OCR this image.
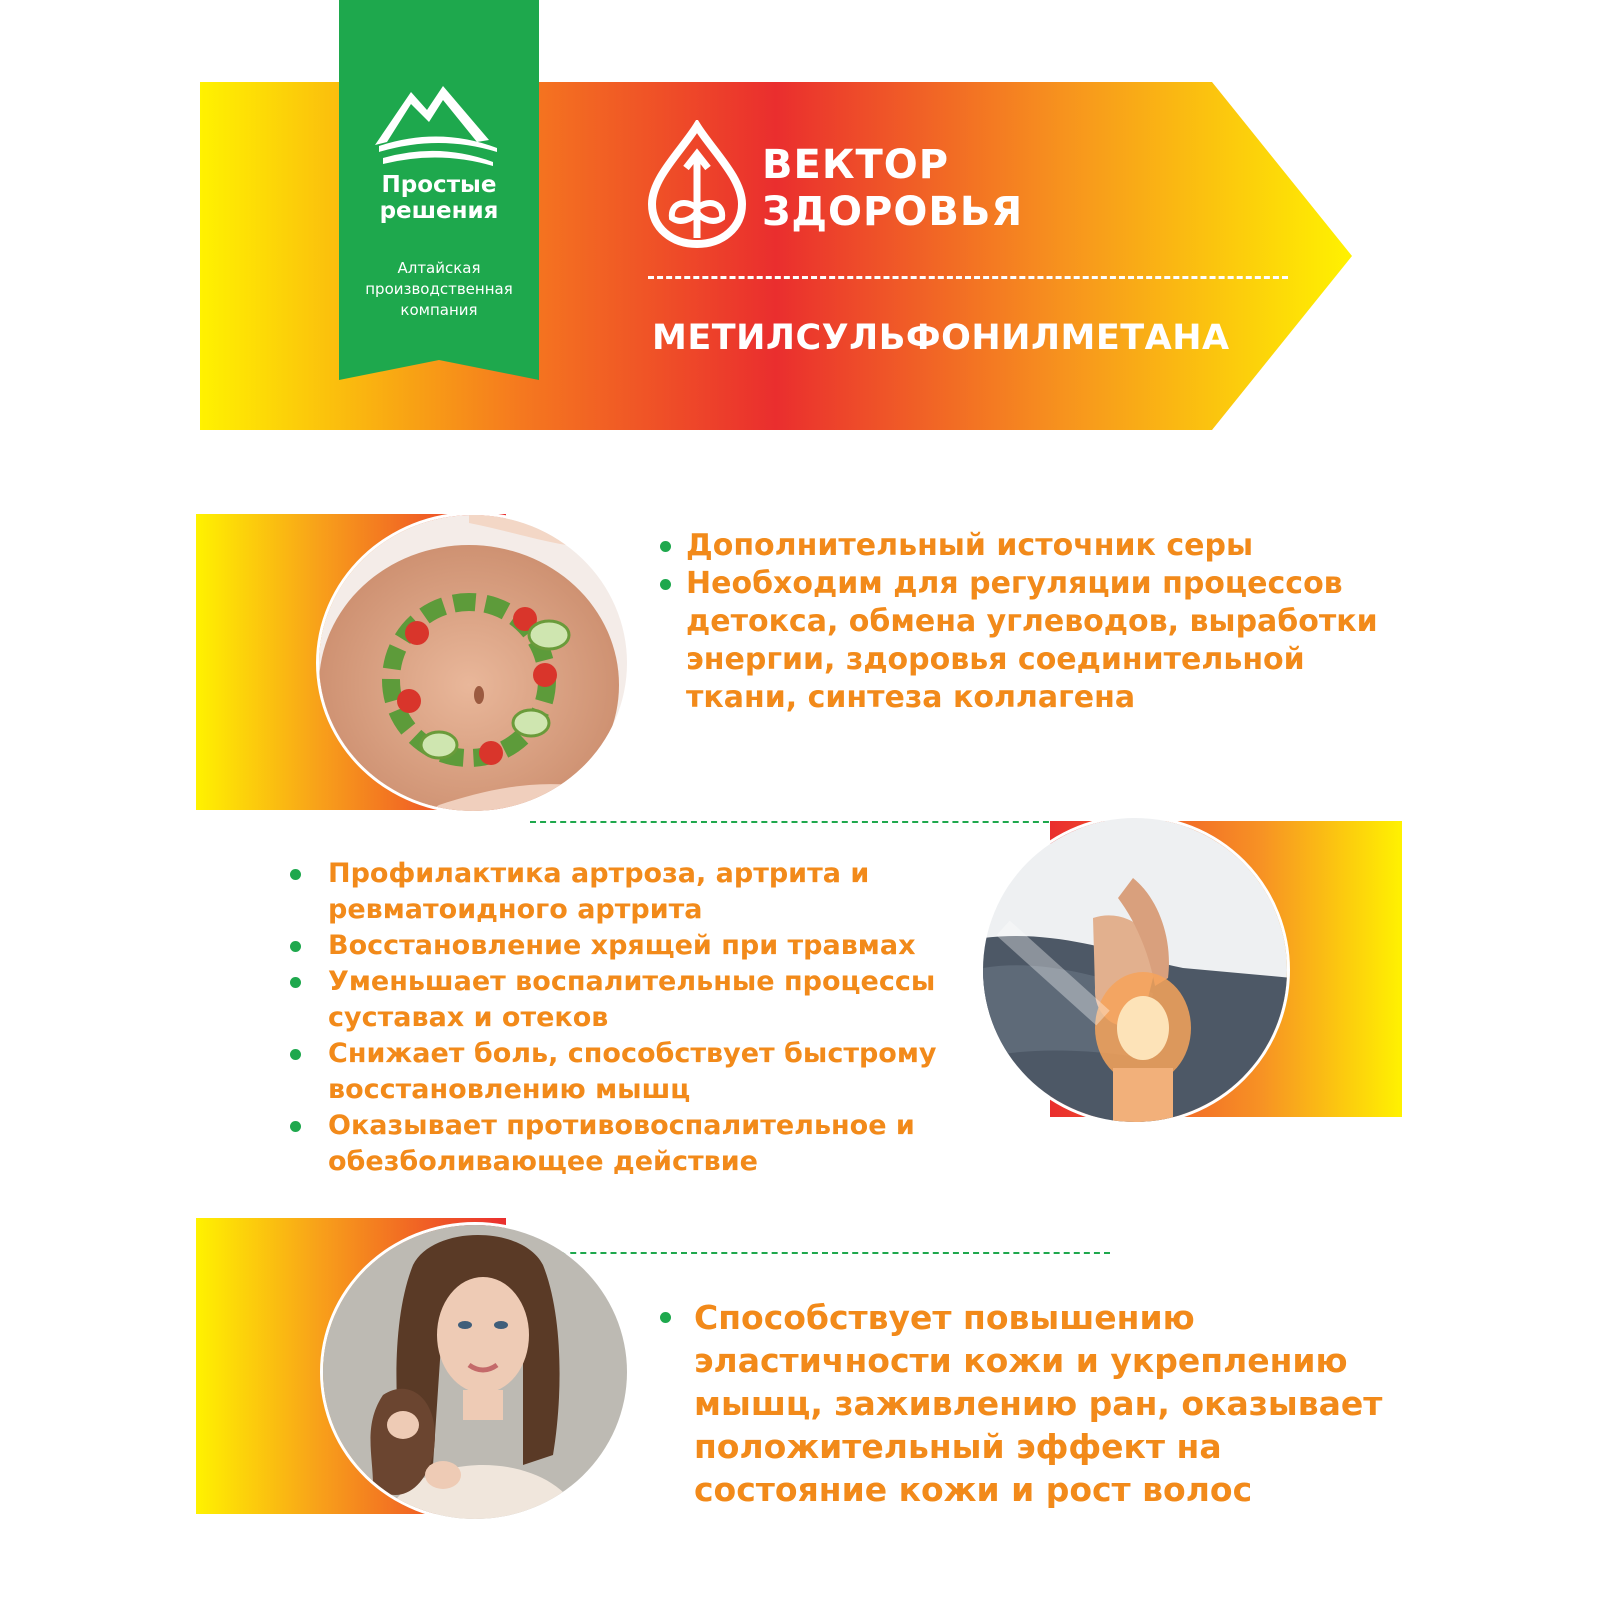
Простые решения
Алтайская производственная компания
ВЕКТОР
ЗДОРОВЬЯ
МЕТИЛСУЛЬФОНИЛМЕТАНА
Дополнительный источник серы
Необходим для регуляции процессов детокса, обмена углеводов, выработки энергии, здоровья соединительной ткани, синтеза коллагена
Профилактика артроза, артрита и ревматоидного артрита
Восстановление хрящей при травмах
Уменьшает воспалительные процессы суставах и отеков
Снижает боль, способствует быстрому восстановлению мышц
Оказывает противовоспалительное и обезболивающее действие
Способствует повышению эластичности кожи и укреплению мышц, заживлению ран, оказывает положительный эффект на состояние кожи и рост волос
